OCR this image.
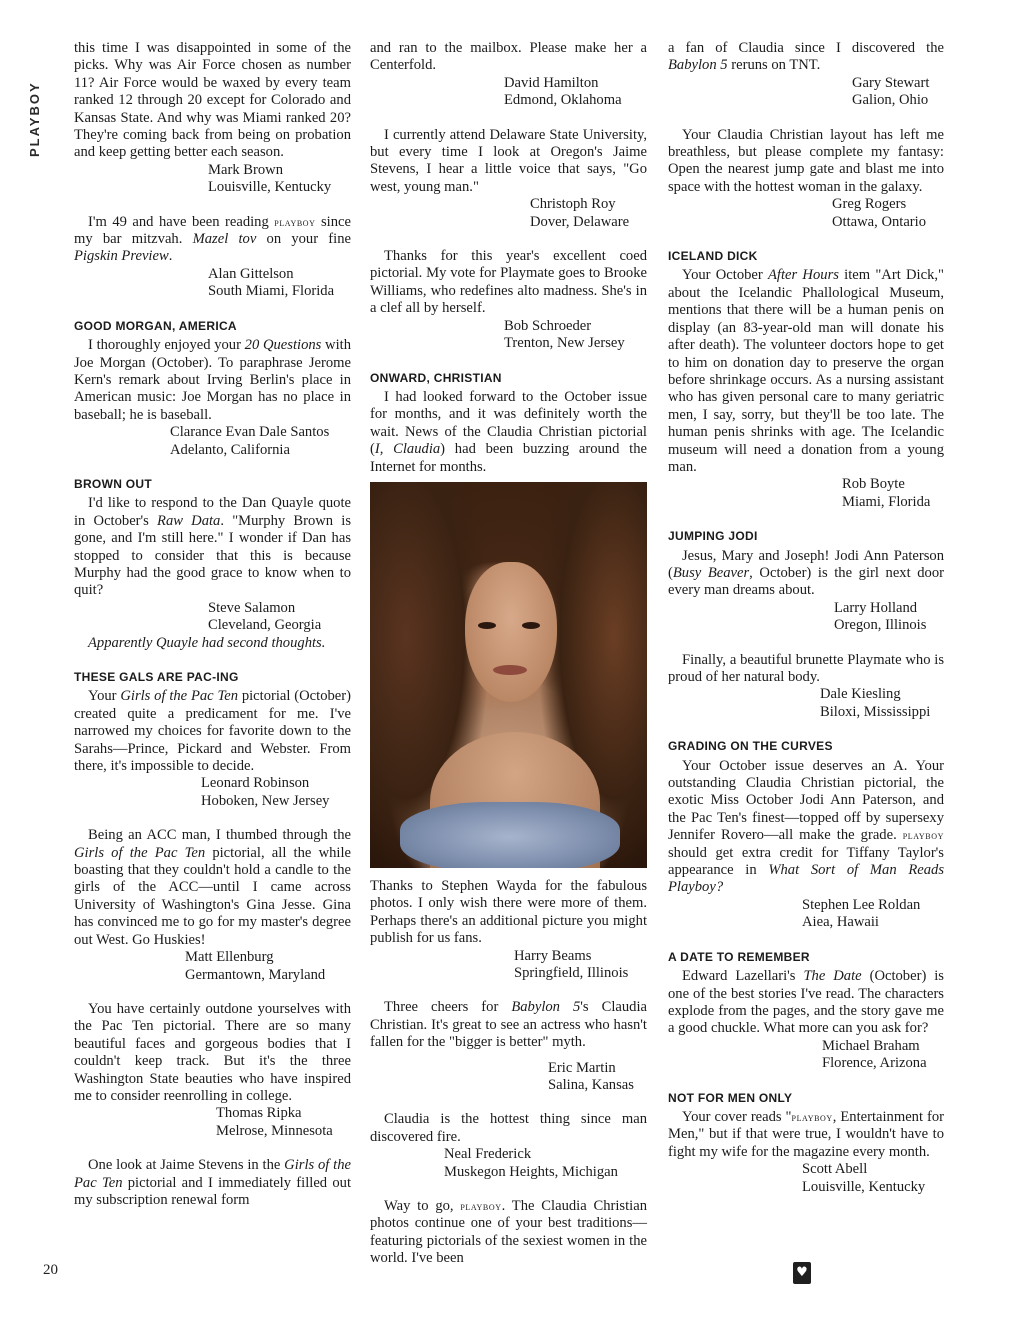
PLAYBOY
20

this time I was disappointed in some of the picks. Why was Air Force chosen as number 11? Air Force would be waxed by every team ranked 12 through 20 except for Colorado and Kansas State. And why was Miami ranked 20? They're coming back from being on probation and keep getting better each season.

Mark Brown
Louisville, Kentucky

I'm 49 and have been reading playboy since my bar mitzvah. Mazel tov on your fine Pigskin Preview.

Alan Gittelson
South Miami, Florida
GOOD MORGAN, AMERICA

I thoroughly enjoyed your 20 Questions with Joe Morgan (October). To paraphrase Jerome Kern's remark about Irving Berlin's place in American music: Joe Morgan has no place in baseball; he is baseball.

Clarance Evan Dale Santos
Adelanto, California
BROWN OUT

I'd like to respond to the Dan Quayle quote in October's Raw Data. "Murphy Brown is gone, and I'm still here." I wonder if Dan has stopped to consider that this is because Murphy had the good grace to know when to quit?

Steve Salamon
Cleveland, Georgia

Apparently Quayle had second thoughts.

THESE GALS ARE PAC-ING

Your Girls of the Pac Ten pictorial (October) created quite a predicament for me. I've narrowed my choices for favorite down to the Sarahs—Prince, Pickard and Webster. From there, it's impossible to decide.

Leonard Robinson
Hoboken, New Jersey

Being an ACC man, I thumbed through the Girls of the Pac Ten pictorial, all the while boasting that they couldn't hold a candle to the girls of the ACC—until I came across University of Washington's Gina Jesse. Gina has convinced me to go for my master's degree out West. Go Huskies!

Matt Ellenburg
Germantown, Maryland

You have certainly outdone yourselves with the Pac Ten pictorial. There are so many beautiful faces and gorgeous bodies that I couldn't keep track. But it's the three Washington State beauties who have inspired me to consider reenrolling in college.

Thomas Ripka
Melrose, Minnesota

One look at Jaime Stevens in the Girls of the Pac Ten pictorial and I immediately filled out my subscription renewal form

and ran to the mailbox. Please make her a Centerfold.

David Hamilton
Edmond, Oklahoma

I currently attend Delaware State University, but every time I look at Oregon's Jaime Stevens, I hear a little voice that says, "Go west, young man."

Christoph Roy
Dover, Delaware

Thanks for this year's excellent coed pictorial. My vote for Playmate goes to Brooke Williams, who redefines alto madness. She's in a clef all by herself.

Bob Schroeder
Trenton, New Jersey
ONWARD, CHRISTIAN

I had looked forward to the October issue for months, and it was definitely worth the wait. News of the Claudia Christian pictorial (I, Claudia) had been buzzing around the Internet for months.

Thanks to Stephen Wayda for the fabulous photos. I only wish there were more of them. Perhaps there's an additional picture you might publish for us fans.

Harry Beams
Springfield, Illinois

Three cheers for Babylon 5's Claudia Christian. It's great to see an actress who hasn't fallen for the "bigger is better" myth.

Eric Martin
Salina, Kansas

Claudia is the hottest thing since man discovered fire.

Neal Frederick
Muskegon Heights, Michigan

Way to go, playboy. The Claudia Christian photos continue one of your best traditions—featuring pictorials of the sexiest women in the world. I've been

a fan of Claudia since I discovered the Babylon 5 reruns on TNT.

Gary Stewart
Galion, Ohio

Your Claudia Christian layout has left me breathless, but please complete my fantasy: Open the nearest jump gate and blast me into space with the hottest woman in the galaxy.

Greg Rogers
Ottawa, Ontario
ICELAND DICK

Your October After Hours item "Art Dick," about the Icelandic Phallological Museum, mentions that there will be a human penis on display (an 83-year-old man will donate his after death). The volunteer doctors hope to get to him on donation day to preserve the organ before shrinkage occurs. As a nursing assistant who has given personal care to many geriatric men, I say, sorry, but they'll be too late. The human penis shrinks with age. The Icelandic museum will need a donation from a young man.

Rob Boyte
Miami, Florida
JUMPING JODI

Jesus, Mary and Joseph! Jodi Ann Paterson (Busy Beaver, October) is the girl next door every man dreams about.

Larry Holland
Oregon, Illinois

Finally, a beautiful brunette Playmate who is proud of her natural body.

Dale Kiesling
Biloxi, Mississippi
GRADING ON THE CURVES

Your October issue deserves an A. Your outstanding Claudia Christian pictorial, the exotic Miss October Jodi Ann Paterson, and the Pac Ten's finest—topped off by supersexy Jennifer Rovero—all make the grade. playboy should get extra credit for Tiffany Taylor's appearance in What Sort of Man Reads Playboy?

Stephen Lee Roldan
Aiea, Hawaii
A DATE TO REMEMBER

Edward Lazellari's The Date (October) is one of the best stories I've read. The characters explode from the pages, and the story gave me a good chuckle. What more can you ask for?

Michael Braham
Florence, Arizona
NOT FOR MEN ONLY

Your cover reads "playboy, Entertainment for Men," but if that were true, I wouldn't have to fight my wife for the magazine every month.

Scott Abell
Louisville, Kentucky
♥
